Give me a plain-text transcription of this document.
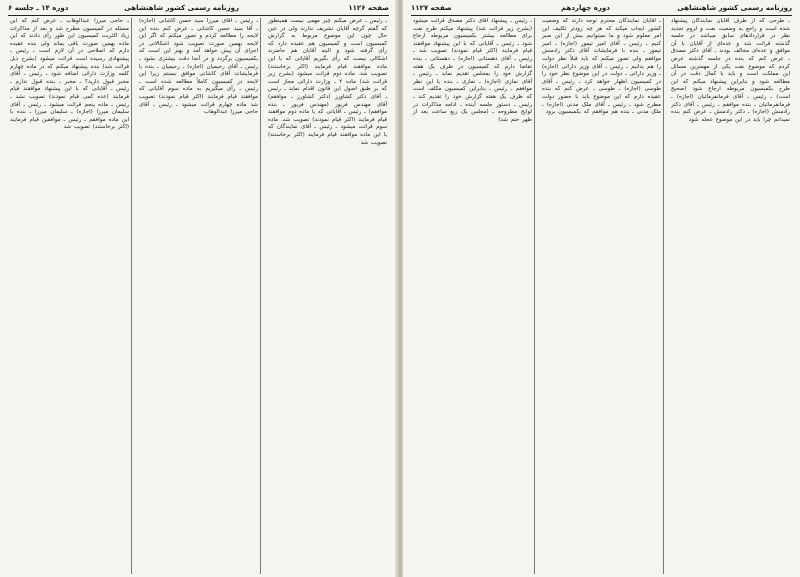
صفحه ۱۱۲۶
روزنامه رسمی کشور شاهنشاهی
دوره ۱۴ ـ جلسه ۶
ـ رئیس ـ عرض میکنم چیز مهمی نیست همینطور که گفتم گرچه آقایان تشریف ندارند ولی در عین حال چون این موضوع مربوط به گزارش کمیسیون است و کمیسیون هم عقیده دارد که رأی گرفته شود و البته آقایان هم حاضرند اشکالی نیست که رأی بگیریم آقایانی که با این ماده موافقند قیام فرمایند (اکثر برخاستند) تصویب شد. ماده دوم قرائت میشود (بشرح زیر قرائت شد) ماده ۲ ـ وزارت دارائی مجاز است که بر طبق اصول این قانون اقدام نماید ـ رئیس ـ آقای دکتر کشاورز (دکتر کشاورز ـ موافقم) آقای مهندس فریور (مهندس فریور ـ بنده موافقم) ـ رئیس ـ آقایانی که با ماده دوم موافقند قیام فرمایند (اکثر قیام نمودند) تصویب شد. ماده سوم قرائت میشود ـ رئیس ـ آقای نمایندگان که با این ماده موافقند قیام فرمایند (اکثر برخاستند) تصویب شد
ـ رئیس ـ آقای میرزا سید حسن کاشانی (اجازه) ـ آقا سید حسن کاشانی ـ عرض کنم بنده این لایحه را مطالعه کردم و تصور میکنم که اگر این لایحه بهمین صورت تصویب شود اشکالاتی در اجرای آن پیش خواهد آمد و بهتر این است که بکمیسیون برگردد و در آنجا دقت بیشتری بشود ـ رئیس ـ آقای رحیمیان (اجازه) ـ رحیمیان ـ بنده با فرمایشات آقای کاشانی موافق نیستم زیرا این لایحه در کمیسیون کاملاً مطالعه شده است ـ رئیس ـ رأی میگیریم به ماده سوم آقایانی که موافقند قیام فرمایند (اکثر قیام نمودند) تصویب شد ماده چهارم قرائت میشود ـ رئیس ـ آقای حاجی میرزا عبدالوهاب
ـ حاجی میرزا عبدالوهاب ـ عرض کنم که این مسئله در کمیسیون مطرح شد و بعد از مذاکرات زیاد اکثریت کمیسیون این طور رأی دادند که این ماده بهمین صورت باقی بماند ولی بنده عقیده دارم که اصلاحی در آن لازم است ـ رئیس ـ پیشنهادی رسیده است قرائت میشود (بشرح ذیل قرائت شد) بنده پیشنهاد میکنم که در ماده چهارم کلمه وزارت دارائی اضافه شود ـ رئیس ـ آقای مخبر قبول دارید؟ ـ مخبر ـ بنده قبول ندارم ـ رئیس ـ آقایانی که با این پیشنهاد موافقند قیام فرمایند (عده کمی قیام نمودند) تصویب نشد ـ رئیس ـ ماده پنجم قرائت میشود ـ رئیس ـ آقای سلیمان میرزا (اجازه) ـ سلیمان میرزا ـ بنده با این ماده موافقم ـ رئیس ـ موافقین قیام فرمایند (اکثر برخاستند) تصویب شد
صفحه ۱۱۲۷	روزنامه رسمی کشور شاهنشاهی
دوره چهاردهم
ـ طرحی که از طرف آقایان نمایندگان پیشنهاد شده است و راجع به وضعیت نفت و لزوم تجدید نظر در قراردادهای سابق میباشد در جلسه گذشته قرائت شد و عده‌ای از آقایان با آن موافق و عده‌ای مخالف بودند ـ آقای دکتر مصدق ـ عرض کنم که بنده در جلسه گذشته عرض کردم که موضوع نفت یکی از مهمترین مسائل این مملکت است و باید با کمال دقت در آن مطالعه شود و بنابراین پیشنهاد میکنم که این طرح بکمیسیون مربوطه ارجاع شود (صحیح است) ـ رئیس ـ آقای فرمانفرمائیان (اجازه) ـ فرمانفرمائیان ـ بنده موافقم ـ رئیس ـ آقای دکتر رادمنش (اجازه) ـ دکتر رادمنش ـ عرض کنم بنده نمیدانم چرا باید در این موضوع عجله شود
ـ آقایان نمایندگان محترم توجه دارند که وضعیت کشور ایجاب میکند که هر چه زودتر تکلیف این امر معلوم شود و ما نمیتوانیم بیش از این صبر کنیم ـ رئیس ـ آقای امیر تیمور (اجازه) ـ امیر تیمور ـ بنده با فرمایشات آقای دکتر رادمنش موافقم ولی تصور میکنم که باید قبلاً نظر دولت را هم بدانیم ـ رئیس ـ آقای وزیر دارائی (اجازه) ـ وزیر دارائی ـ دولت در این موضوع نظر خود را در کمیسیون اظهار خواهد کرد ـ رئیس ـ آقای طوسی (اجازه) ـ طوسی ـ عرض کنم که بنده عقیده دارم که این موضوع باید با حضور دولت مطرح شود ـ رئیس ـ آقای ملک مدنی (اجازه) ـ ملک مدنی ـ بنده هم موافقم که بکمیسیون برود
ـ رئیس ـ پیشنهاد آقای دکتر مصدق قرائت میشود (بشرح زیر قرائت شد) پیشنهاد میکنم طرح نفت برای مطالعه بیشتر بکمیسیون مربوطه ارجاع شود ـ رئیس ـ آقایانی که با این پیشنهاد موافقند قیام فرمایند (اکثر قیام نمودند) تصویب شد ـ رئیس ـ آقای دهستانی (اجازه) ـ دهستانی ـ بنده تقاضا دارم که کمیسیون در ظرف یک هفته گزارش خود را بمجلس تقدیم نماید ـ رئیس ـ آقای نمازی (اجازه) ـ نمازی ـ بنده با این نظر موافقم ـ رئیس ـ بنابراین کمیسیون مکلف است که ظرف یک هفته گزارش خود را تقدیم کند ـ رئیس ـ دستور جلسه آینده ـ ادامه مذاکرات در لوایح مطروحه ـ (مجلس یک ربع ساعت بعد از ظهر ختم شد)
